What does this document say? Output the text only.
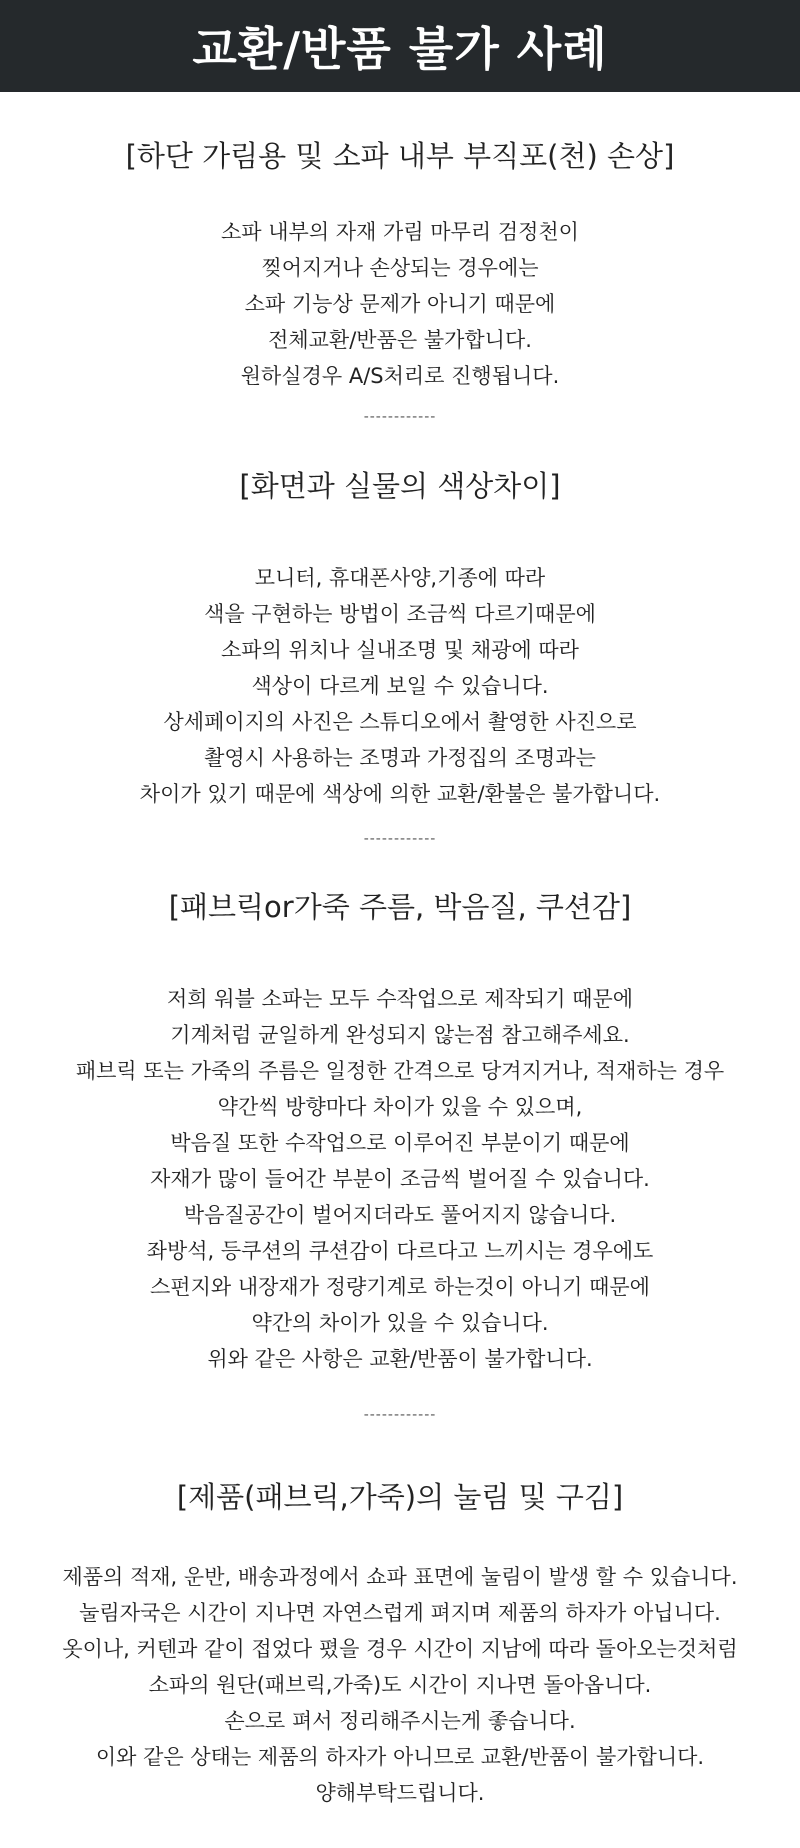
교환/반품 불가 사례
[하단 가림용 및 소파 내부 부직포(천) 손상]
소파 내부의 자재 가림 마무리 검정천이
찢어지거나 손상되는 경우에는
소파 기능상 문제가 아니기 때문에
전체교환/반품은 불가합니다.
원하실경우 A/S처리로 진행됩니다.
------------
[화면과 실물의 색상차이]
모니터, 휴대폰사양,기종에 따라
색을 구현하는 방법이 조금씩 다르기때문에
소파의 위치나 실내조명 및 채광에 따라
색상이 다르게 보일 수 있습니다.
상세페이지의 사진은 스튜디오에서 촬영한 사진으로
촬영시 사용하는 조명과 가정집의 조명과는
차이가 있기 때문에 색상에 의한 교환/환불은 불가합니다.
------------
[패브릭or가죽 주름, 박음질, 쿠션감]
저희 워블 소파는 모두 수작업으로 제작되기 때문에
기계처럼 균일하게 완성되지 않는점 참고해주세요.
패브릭 또는 가죽의 주름은 일정한 간격으로 당겨지거나, 적재하는 경우
약간씩 방향마다 차이가 있을 수 있으며,
박음질 또한 수작업으로 이루어진 부분이기 때문에
자재가 많이 들어간 부분이 조금씩 벌어질 수 있습니다.
박음질공간이 벌어지더라도 풀어지지 않습니다.
좌방석, 등쿠션의 쿠션감이 다르다고 느끼시는 경우에도
스펀지와 내장재가 정량기계로 하는것이 아니기 때문에
약간의 차이가 있을 수 있습니다.
위와 같은 사항은 교환/반품이 불가합니다.
------------
[제품(패브릭,가죽)의 눌림 및 구김]
제품의 적재, 운반, 배송과정에서 쇼파 표면에 눌림이 발생 할 수 있습니다.
눌림자국은 시간이 지나면 자연스럽게 펴지며 제품의 하자가 아닙니다.
옷이나, 커텐과 같이 접었다 폈을 경우 시간이 지남에 따라 돌아오는것처럼
소파의 원단(패브릭,가죽)도 시간이 지나면 돌아옵니다.
손으로 펴서 정리해주시는게 좋습니다.
이와 같은 상태는 제품의 하자가 아니므로 교환/반품이 불가합니다.
양해부탁드립니다.
